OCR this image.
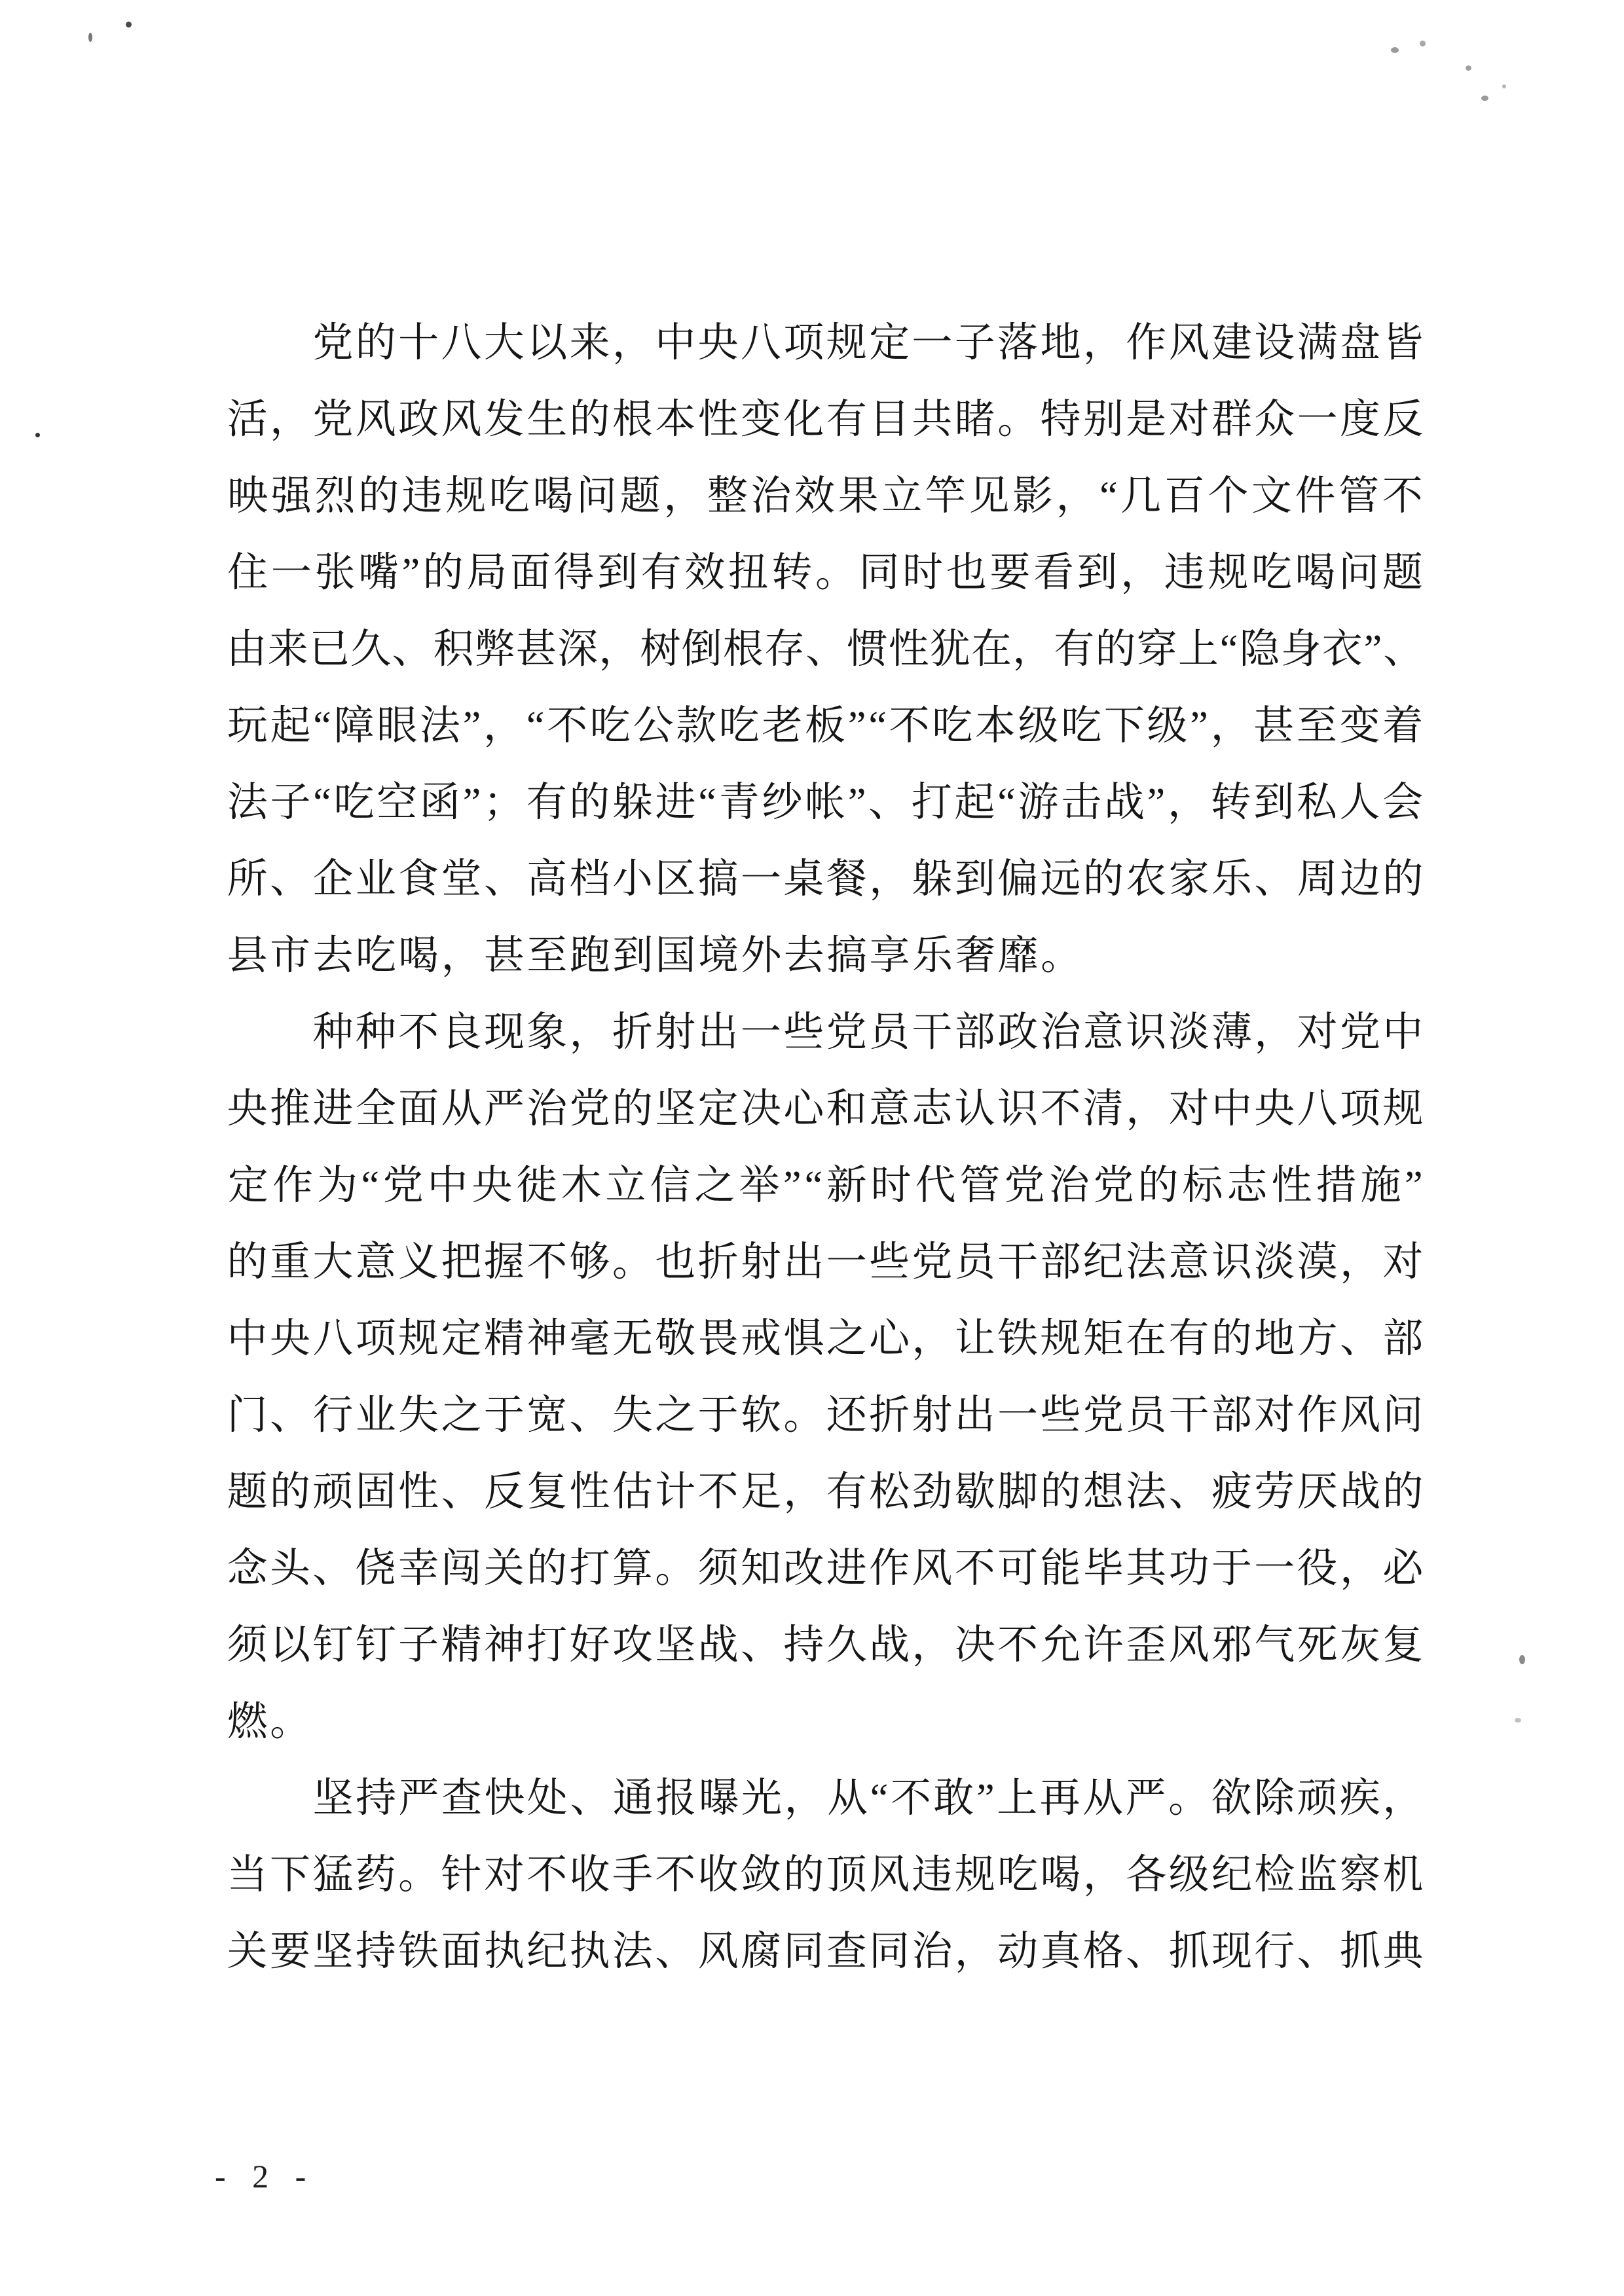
党 的 十 八 大 以 来 ， 中 央 八 项 规 定 一 子 落 地 ， 作 风 建 设 满 盘 皆
活 ， 党 风 政 风 发 生 的 根 本 性 变 化 有 目 共 睹 。 特 别 是 对 群 众 一 度 反
映 强 烈 的 违 规 吃 喝 问 题 ， 整 治 效 果 立 竿 见 影 ， “ 几 百 个 文 件 管 不
住 一 张 嘴 ” 的 局 面 得 到 有 效 扭 转 。 同 时 也 要 看 到 ， 违 规 吃 喝 问 题
由 来 已 久 、 积 弊 甚 深 ， 树 倒 根 存 、 惯 性 犹 在 ， 有 的 穿 上 “ 隐 身 衣 ” 、
玩 起 “ 障 眼 法 ” ， “ 不 吃 公 款 吃 老 板 ” “ 不 吃 本 级 吃 下 级 ” ， 甚 至 变 着
法 子 “ 吃 空 函 ” ； 有 的 躲 进 “ 青 纱 帐 ” 、 打 起 “ 游 击 战 ” ， 转 到 私 人 会
所 、 企 业 食 堂 、 高 档 小 区 搞 一 桌 餐 ， 躲 到 偏 远 的 农 家 乐 、 周 边 的
县 市 去 吃 喝 ， 甚 至 跑 到 国 境 外 去 搞 享 乐 奢 靡 。
种 种 不 良 现 象 ， 折 射 出 一 些 党 员 干 部 政 治 意 识 淡 薄 ， 对 党 中
央 推 进 全 面 从 严 治 党 的 坚 定 决 心 和 意 志 认 识 不 清 ， 对 中 央 八 项 规
定 作 为 “ 党 中 央 徙 木 立 信 之 举 ” “ 新 时 代 管 党 治 党 的 标 志 性 措 施 ”
的 重 大 意 义 把 握 不 够 。 也 折 射 出 一 些 党 员 干 部 纪 法 意 识 淡 漠 ， 对
中 央 八 项 规 定 精 神 毫 无 敬 畏 戒 惧 之 心 ， 让 铁 规 矩 在 有 的 地 方 、 部
门 、 行 业 失 之 于 宽 、 失 之 于 软 。 还 折 射 出 一 些 党 员 干 部 对 作 风 问
题 的 顽 固 性 、 反 复 性 估 计 不 足 ， 有 松 劲 歇 脚 的 想 法 、 疲 劳 厌 战 的
念 头 、 侥 幸 闯 关 的 打 算 。 须 知 改 进 作 风 不 可 能 毕 其 功 于 一 役 ， 必
须 以 钉 钉 子 精 神 打 好 攻 坚 战 、 持 久 战 ， 决 不 允 许 歪 风 邪 气 死 灰 复
燃 。
坚 持 严 查 快 处 、 通 报 曝 光 ， 从 “ 不 敢 ” 上 再 从 严 。 欲 除 顽 疾 ，
当 下 猛 药 。 针 对 不 收 手 不 收 敛 的 顶 风 违 规 吃 喝 ， 各 级 纪 检 监 察 机
关 要 坚 持 铁 面 执 纪 执 法 、 风 腐 同 查 同 治 ， 动 真 格 、 抓 现 行 、 抓 典
- 2 -
